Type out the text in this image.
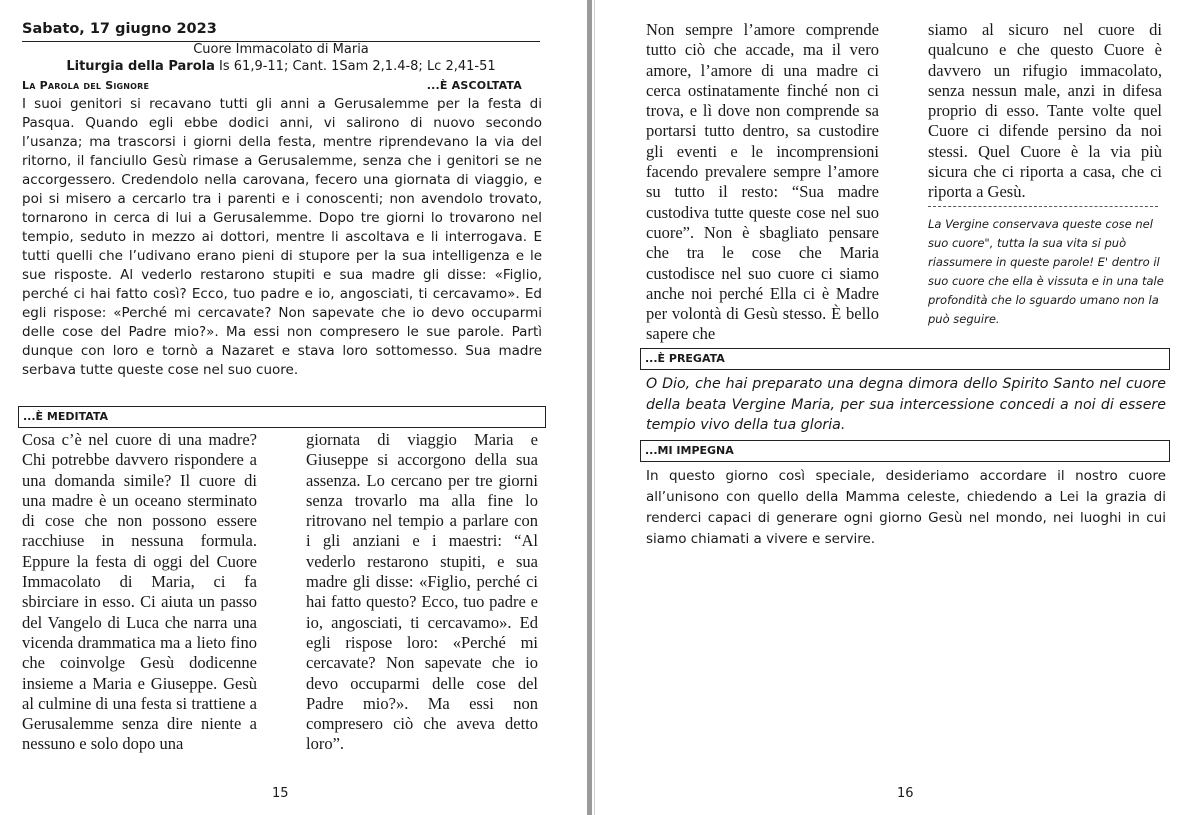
Sabato, 17 giugno 2023
Cuore Immacolato di Maria
Liturgia della Parola Is 61,9-11; Cant. 1Sam 2,1.4-8; Lc 2,41-51
La Parola del Signore	...È ASCOLTATA

I suoi genitori si recavano tutti gli anni a Gerusalemme per la festa di Pasqua. Quando egli ebbe dodici anni, vi salirono di nuovo secondo l’usanza; ma trascorsi i giorni della festa, mentre riprendevano la via del ritorno, il fanciullo Gesù rimase a Gerusalemme, senza che i genitori se ne accorgessero. Credendolo nella carovana, fecero una giornata di viaggio, e poi si misero a cercarlo tra i parenti e i conoscenti; non avendolo trovato, tornarono in cerca di lui a Gerusalemme. Dopo tre giorni lo trovarono nel tempio, seduto in mezzo ai dottori, mentre li ascoltava e li interrogava. E tutti quelli che l’udivano erano pieni di stupore per la sua intelligenza e le sue risposte. Al vederlo restarono stupiti e sua madre gli disse: «Figlio, perché ci hai fatto così? Ecco, tuo padre e io, angosciati, ti cercavamo». Ed egli rispose: «Perché mi cercavate? Non sapevate che io devo occuparmi delle cose del Padre mio?». Ma essi non compresero le sue parole. Partì dunque con loro e tornò a Nazaret e stava loro sottomesso. Sua madre serbava tutte queste cose nel suo cuore.

...È MEDITATA

Cosa c’è nel cuore di una madre? Chi potrebbe davvero rispondere a una domanda simile? Il cuore di una madre è un oceano sterminato di cose che non possono essere racchiuse in nessuna formula. Eppure la festa di oggi del Cuore Immacolato di Maria, ci fa sbirciare in esso. Ci aiuta un passo del Vangelo di Luca che narra una vicenda drammatica ma a lieto fino che coinvolge Gesù dodicenne insieme a Maria e Giuseppe. Gesù al culmine di una festa si trattiene a Gerusalemme senza dire niente a nessuno e solo dopo una

giornata di viaggio Maria e Giuseppe si accorgono della sua assenza. Lo cercano per tre giorni senza trovarlo ma alla fine lo ritrovano nel tempio a parlare con i gli anziani e i maestri: “Al vederlo restarono stupiti, e sua madre gli disse: «Figlio, perché ci hai fatto questo? Ecco, tuo padre e io, angosciati, ti cercavamo». Ed egli rispose loro: «Perché mi cercavate? Non sapevate che io devo occuparmi delle cose del Padre mio?». Ma essi non compresero ciò che aveva detto loro”.

15

Non sempre l’amore comprende tutto ciò che accade, ma il vero amore, l’amore di una madre ci cerca ostinatamente finché non ci trova, e lì dove non comprende sa portarsi tutto dentro, sa custodire gli eventi e le incomprensioni facendo prevalere sempre l’amore su tutto il resto: “Sua madre custodiva tutte queste cose nel suo cuore”. Non è sbagliato pensare che tra le cose che Maria custodisce nel suo cuore ci siamo anche noi perché Ella ci è Madre per volontà di Gesù stesso. È bello sapere che

siamo al sicuro nel cuore di qualcuno e che questo Cuore è davvero un rifugio immacolato, senza nessun male, anzi in difesa proprio di esso. Tante volte quel Cuore ci difende persino da noi stessi. Quel Cuore è la via più sicura che ci riporta a casa, che ci riporta a Gesù.

La Vergine conservava queste cose nel suo cuore", tutta la sua vita si può riassumere in queste parole! E' dentro il suo cuore che ella è vissuta e in una tale profondità che lo sguardo umano non la può seguire.

...È PREGATA

O Dio, che hai preparato una degna dimora dello Spirito Santo nel cuore della beata Vergine Maria, per sua intercessione concedi a noi di essere tempio vivo della tua gloria.

...MI IMPEGNA

In questo giorno così speciale, desideriamo accordare il nostro cuore all’unisono con quello della Mamma celeste, chiedendo a Lei la grazia di renderci capaci di generare ogni giorno Gesù nel mondo, nei luoghi in cui siamo chiamati a vivere e servire.

16
